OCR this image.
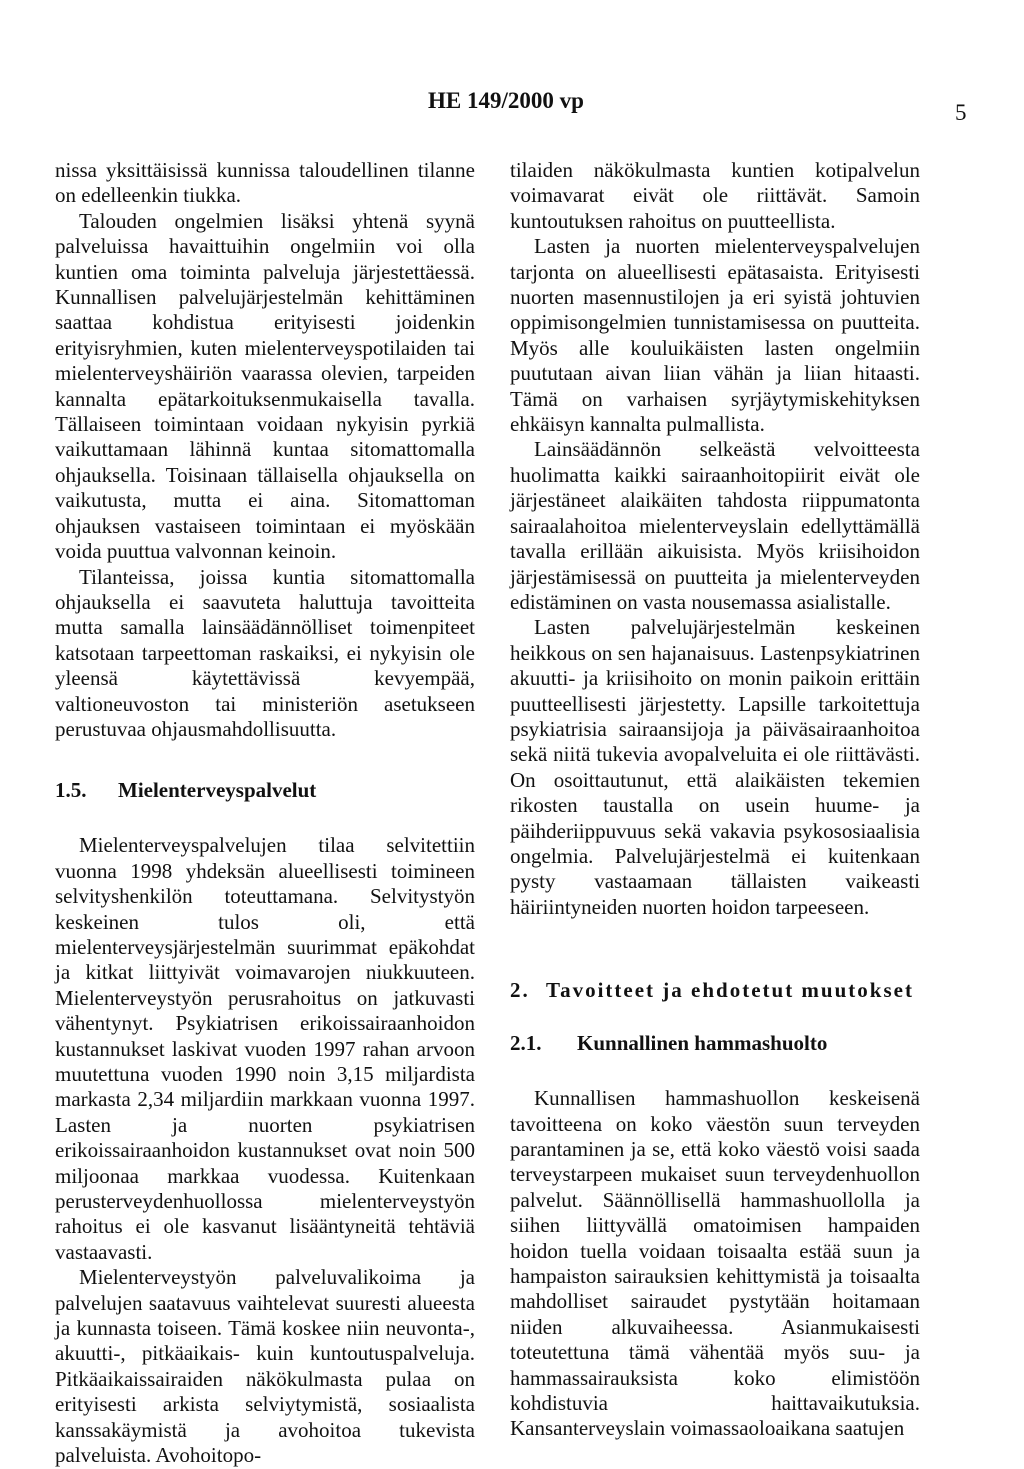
HE 149/2000 vp	5

nissa yksittäisissä kunnissa taloudellinen tilanne on edelleenkin tiukka.

Talouden ongelmien lisäksi yhtenä syynä palveluissa havaittuihin ongelmiin voi olla kuntien oma toiminta palveluja järjestettäessä. Kunnallisen palvelujärjestelmän kehittäminen saattaa kohdistua erityisesti joidenkin erityisryhmien, kuten mielenterveyspotilaiden tai mielenterveyshäiriön vaarassa olevien, tarpeiden kannalta epätarkoituksenmukaisella tavalla. Tällaiseen toimintaan voidaan nykyisin pyrkiä vaikuttamaan lähinnä kuntaa sitomattomalla ohjauksella. Toisinaan tällaisella ohjauksella on vaikutusta, mutta ei aina. Sitomattoman ohjauksen vastaiseen toimintaan ei myöskään voida puuttua valvonnan keinoin.

Tilanteissa, joissa kuntia sitomattomalla ohjauksella ei saavuteta haluttuja tavoitteita mutta samalla lainsäädännölliset toimenpiteet katsotaan tarpeettoman raskaiksi, ei nykyisin ole yleensä käytettävissä kevyempää, valtioneuvoston tai ministeriön asetukseen perustuvaa ohjausmahdollisuutta.

1.5.	Mielenterveyspalvelut

Mielenterveyspalvelujen tilaa selvitettiin vuonna 1998 yhdeksän alueellisesti toimineen selvityshenkilön toteuttamana. Selvitystyön keskeinen tulos oli, että mielenterveysjärjestelmän suurimmat epäkohdat ja kitkat liittyivät voimavarojen niukkuuteen. Mielenterveystyön perusrahoitus on jatkuvasti vähentynyt. Psykiatrisen erikoissairaanhoidon kustannukset laskivat vuoden 1997 rahan arvoon muutettuna vuoden 1990 noin 3,15 miljardista markasta 2,34 miljardiin markkaan vuonna 1997. Lasten ja nuorten psykiatrisen erikoissairaanhoidon kustannukset ovat noin 500 miljoonaa markkaa vuodessa. Kuitenkaan perusterveydenhuollossa mielenterveystyön rahoitus ei ole kasvanut lisääntyneitä tehtäviä vastaavasti.

Mielenterveystyön palveluvalikoima ja palvelujen saatavuus vaihtelevat suuresti alueesta ja kunnasta toiseen. Tämä koskee niin neuvonta-, akuutti-, pitkäaikais- kuin kuntoutuspalveluja. Pitkäaikaissairaiden näkökulmasta pulaa on erityisesti arkista selviytymistä, sosiaalista kanssakäymistä ja avohoitoa tukevista palveluista. Avohoitopo-

tilaiden näkökulmasta kuntien kotipalvelun voimavarat eivät ole riittävät. Samoin kuntoutuksen rahoitus on puutteellista.

Lasten ja nuorten mielenterveyspalvelujen tarjonta on alueellisesti epätasaista. Erityisesti nuorten masennustilojen ja eri syistä johtuvien oppimisongelmien tunnistamisessa on puutteita. Myös alle kouluikäisten lasten ongelmiin puututaan aivan liian vähän ja liian hitaasti. Tämä on varhaisen syrjäytymiskehityksen ehkäisyn kannalta pulmallista.

Lainsäädännön selkeästä velvoitteesta huolimatta kaikki sairaanhoitopiirit eivät ole järjestäneet alaikäiten tahdosta riippumatonta sairaalahoitoa mielenterveyslain edellyttämällä tavalla erillään aikuisista. Myös kriisihoidon järjestämisessä on puutteita ja mielenterveyden edistäminen on vasta nousemassa asialistalle.

Lasten palvelujärjestelmän keskeinen heikkous on sen hajanaisuus. Lastenpsykiatrinen akuutti- ja kriisihoito on monin paikoin erittäin puutteellisesti järjestetty. Lapsille tarkoitettuja psykiatrisia sairaansijoja ja päiväsairaanhoitoa sekä niitä tukevia avopalveluita ei ole riittävästi. On osoittautunut, että alaikäisten tekemien rikosten taustalla on usein huume- ja päihderiippuvuus sekä vakavia psykososiaalisia ongelmia. Palvelujärjestelmä ei kuitenkaan pysty vastaamaan tällaisten vaikeasti häiriintyneiden nuorten hoidon tarpeeseen.

2. Tavoitteet ja ehdotetut muutokset
2.1.	Kunnallinen hammashuolto

Kunnallisen hammashuollon keskeisenä tavoitteena on koko väestön suun terveyden parantaminen ja se, että koko väestö voisi saada terveystarpeen mukaiset suun terveydenhuollon palvelut. Säännöllisellä hammashuollolla ja siihen liittyvällä omatoimisen hampaiden hoidon tuella voidaan toisaalta estää suun ja hampaiston sairauksien kehittymistä ja toisaalta mahdolliset sairaudet pystytään hoitamaan niiden alkuvaiheessa. Asianmukaisesti toteutettuna tämä vähentää myös suu- ja hammassairauksista koko elimistöön kohdistuvia haittavaikutuksia. Kansanterveyslain voimassaoloaikana saatujen
